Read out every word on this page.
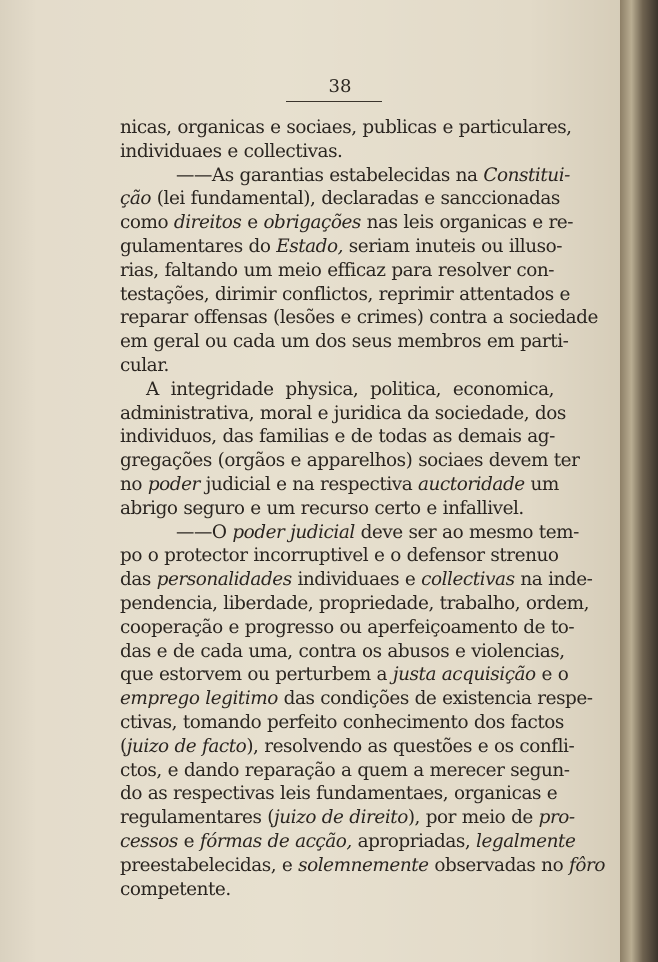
38
nicas, organicas e sociaes, publicas e particulares,
individuaes e collectivas.
——As garantias estabelecidas na Constitui-
ção (lei fundamental), declaradas e sanccionadas
como direitos e obrigações nas leis organicas e re-
gulamentares do Estado, seriam inuteis ou illuso-
rias, faltando um meio efficaz para resolver con-
testações, dirimir conflictos, reprimir attentados e
reparar offensas (lesões e crimes) contra a sociedade
em geral ou cada um dos seus membros em parti-
cular.
A integridade physica, politica, economica,
administrativa, moral e juridica da sociedade, dos
individuos, das familias e de todas as demais ag-
gregações (orgãos e apparelhos) sociaes devem ter
no poder judicial e na respectiva auctoridade um
abrigo seguro e um recurso certo e infallivel.
——O poder judicial deve ser ao mesmo tem-
po o protector incorruptivel e o defensor strenuo
das personalidades individuaes e collectivas na inde-
pendencia, liberdade, propriedade, trabalho, ordem,
cooperação e progresso ou aperfeiçoamento de to-
das e de cada uma, contra os abusos e violencias,
que estorvem ou perturbem a justa acquisição e o
emprego legitimo das condições de existencia respe-
ctivas, tomando perfeito conhecimento dos factos
(juizo de facto), resolvendo as questões e os confli-
ctos, e dando reparação a quem a merecer segun-
do as respectivas leis fundamentaes, organicas e
regulamentares (juizo de direito), por meio de pro-
cessos e fórmas de acção, apropriadas, legalmente
preestabelecidas, e solemnemente observadas no fôro
competente.
